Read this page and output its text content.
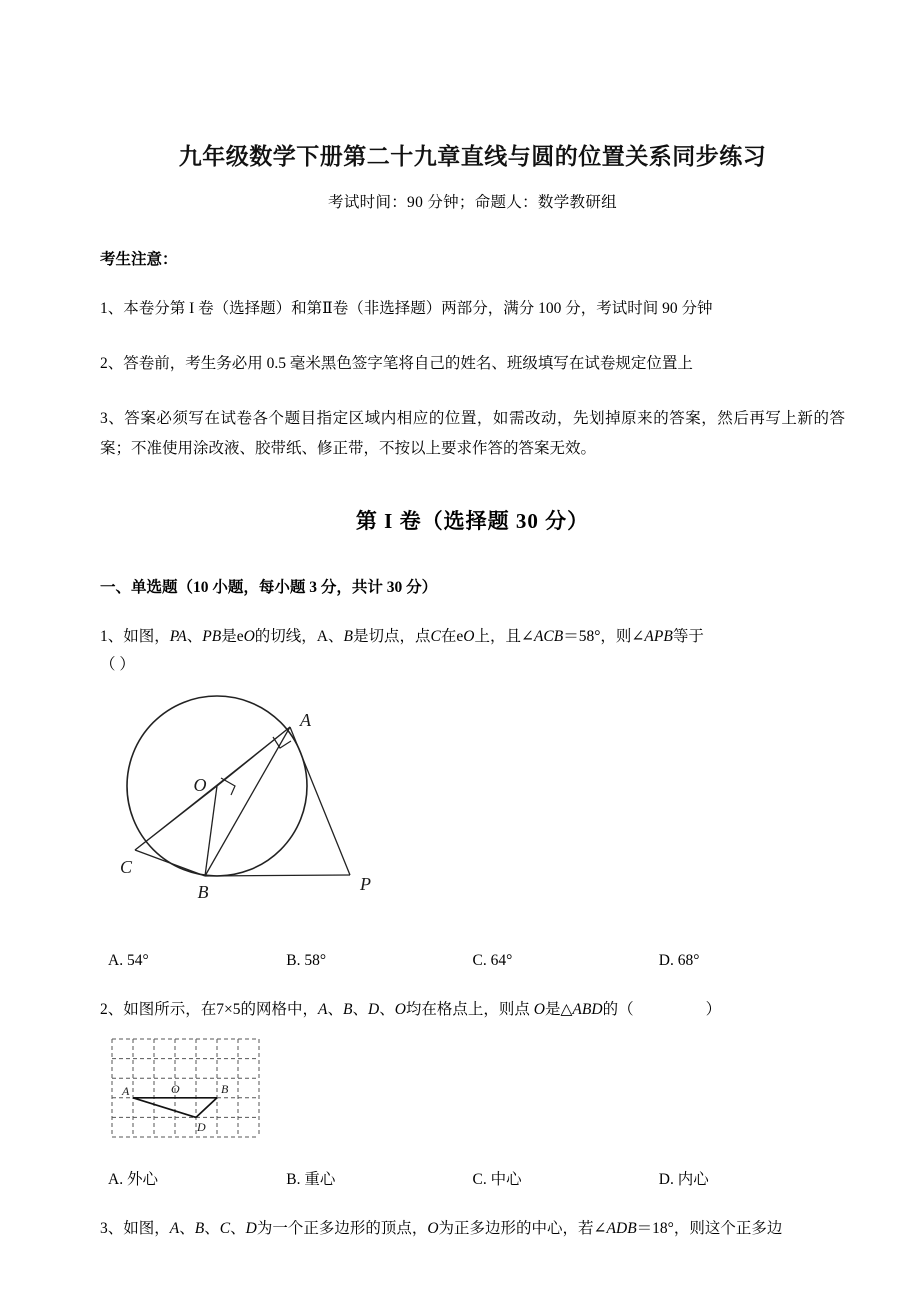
九年级数学下册第二十九章直线与圆的位置关系同步练习

考试时间：90 分钟；命题人：数学教研组

考生注意：

1、本卷分第 I 卷（选择题）和第Ⅱ卷（非选择题）两部分，满分 100 分，考试时间 90 分钟

2、答卷前，考生务必用 0.5 毫米黑色签字笔将自己的姓名、班级填写在试卷规定位置上

3、答案必须写在试卷各个题目指定区域内相应的位置，如需改动，先划掉原来的答案，然后再写上新的答案；不准使用涂改液、胶带纸、修正带，不按以上要求作答的答案无效。

第 I 卷（选择题 30 分）

一、单选题（10 小题，每小题 3 分，共计 30 分）

1、如图，PA、PB是eO的切线，A、B是切点，点C在eO上，且∠ACB＝58°，则∠APB等于
（ ）

O
A
B
C
P
A. 54°	B. 58°	C. 64°	D. 68°

2、如图所示，在7×5的网格中，A、B、D、O均在格点上，则点 O是△ABD的（	）

A	O	B
D
A. 外心	B. 重心	C. 中心	D. 内心

3、如图，A、B、C、D为一个正多边形的顶点，O为正多边形的中心，若∠ADB＝18°，则这个正多边
